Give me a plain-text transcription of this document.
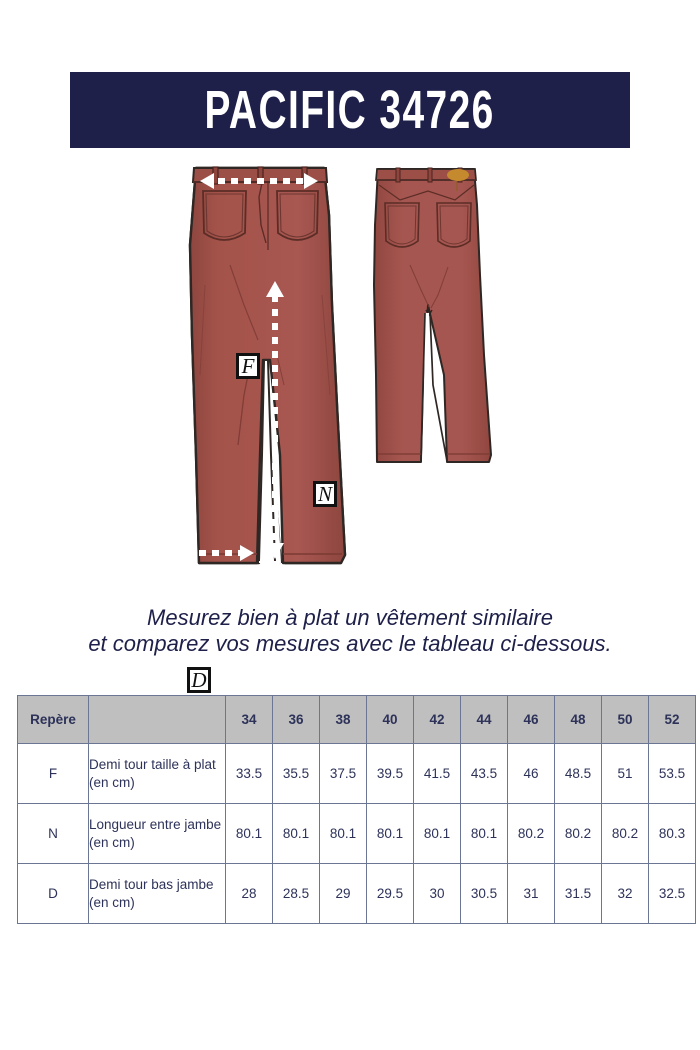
PACIFIC 34726
F
N
D
Mesurez bien à plat un vêtement similaire
et comparez vos mesures avec le tableau ci-dessous.
Repère		34	36	38	40	42	44	46	48	50	52
F	Demi tour taille à plat (en cm)	33.5	35.5	37.5	39.5	41.5	43.5	46	48.5	51	53.5
N	Longueur entre jambe (en cm)	80.1	80.1	80.1	80.1	80.1	80.1	80.2	80.2	80.2	80.3
D	Demi tour bas jambe (en cm)	28	28.5	29	29.5	30	30.5	31	31.5	32	32.5
